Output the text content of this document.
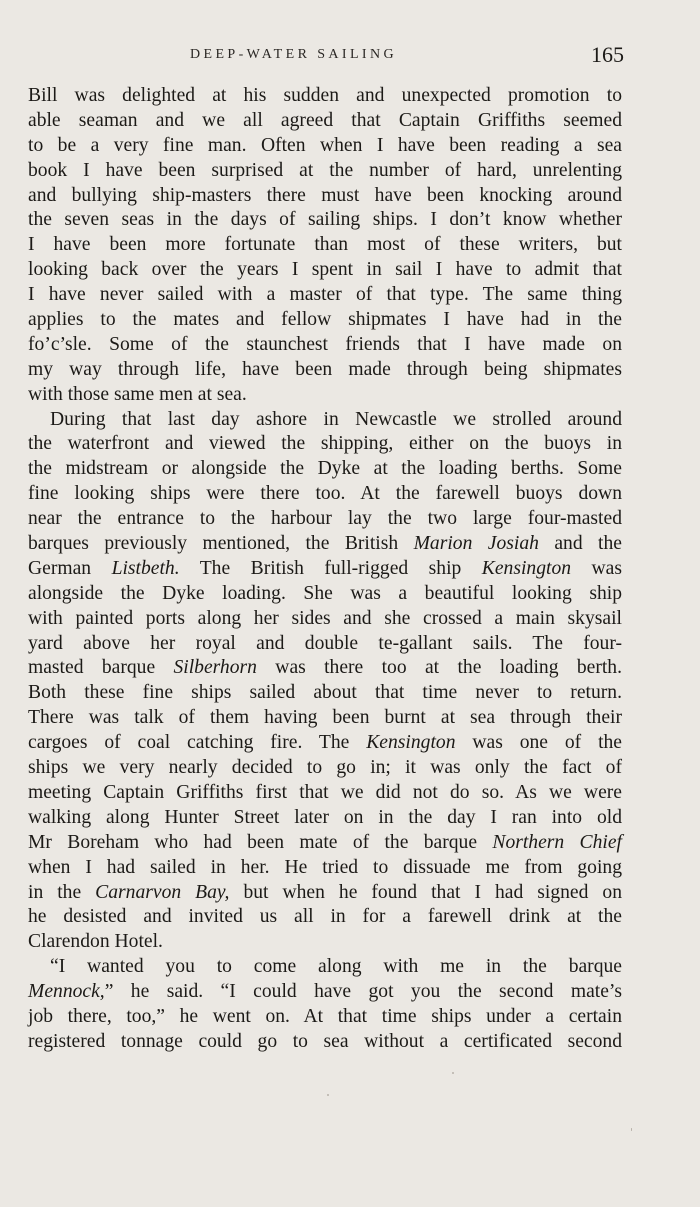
DEEP-WATER SAILING	165
Bill was delighted at his sudden and unexpected promotion to
able seaman and we all agreed that Captain Griffiths seemed
to be a very fine man. Often when I have been reading a sea
book I have been surprised at the number of hard, unrelenting
and bullying ship-masters there must have been knocking around
the seven seas in the days of sailing ships. I don’t know whether
I have been more fortunate than most of these writers, but
looking back over the years I spent in sail I have to admit that
I have never sailed with a master of that type. The same thing
applies to the mates and fellow shipmates I have had in the
fo’c’sle. Some of the staunchest friends that I have made on
my way through life, have been made through being shipmates
with those same men at sea.
During that last day ashore in Newcastle we strolled around
the waterfront and viewed the shipping, either on the buoys in
the midstream or alongside the Dyke at the loading berths. Some
fine looking ships were there too. At the farewell buoys down
near the entrance to the harbour lay the two large four-masted
barques previously mentioned, the British Marion Josiah and the
German Listbeth. The British full-rigged ship Kensington was
alongside the Dyke loading. She was a beautiful looking ship
with painted ports along her sides and she crossed a main skysail
yard above her royal and double te-gallant sails. The four-
masted barque Silberhorn was there too at the loading berth.
Both these fine ships sailed about that time never to return.
There was talk of them having been burnt at sea through their
cargoes of coal catching fire. The Kensington was one of the
ships we very nearly decided to go in; it was only the fact of
meeting Captain Griffiths first that we did not do so. As we were
walking along Hunter Street later on in the day I ran into old
Mr Boreham who had been mate of the barque Northern Chief
when I had sailed in her. He tried to dissuade me from going
in the Carnarvon Bay, but when he found that I had signed on
he desisted and invited us all in for a farewell drink at the
Clarendon Hotel.
“I wanted you to come along with me in the barque
Mennock,” he said. “I could have got you the second mate’s
job there, too,” he went on. At that time ships under a certain
registered tonnage could go to sea without a certificated second
